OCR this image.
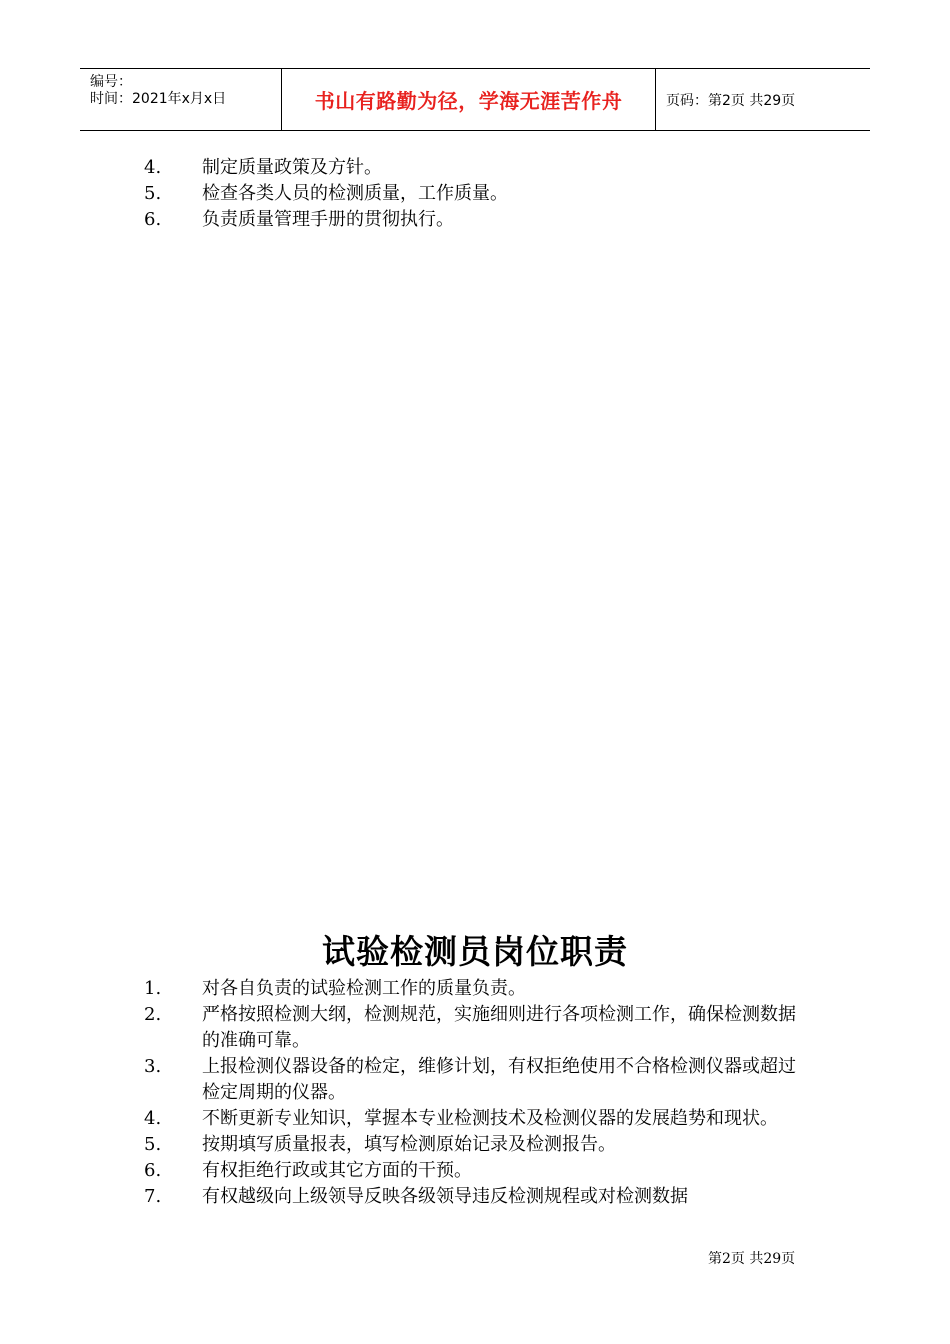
编号：
时间：2021年x月x日	书山有路勤为径，学海无涯苦作舟	页码：第2页 共29页
4. 制定质量政策及方针。
5. 检查各类人员的检测质量，工作质量。
6. 负责质量管理手册的贯彻执行。
试验检测员岗位职责
1. 对各自负责的试验检测工作的质量负责。
2. 严格按照检测大纲，检测规范，实施细则进行各项检测工作，确保检测数据的准确可靠。
3. 上报检测仪器设备的检定，维修计划，有权拒绝使用不合格检测仪器或超过检定周期的仪器。
4. 不断更新专业知识，掌握本专业检测技术及检测仪器的发展趋势和现状。
5. 按期填写质量报表，填写检测原始记录及检测报告。
6. 有权拒绝行政或其它方面的干预。
7. 有权越级向上级领导反映各级领导违反检测规程或对检测数据
第2页 共29页
